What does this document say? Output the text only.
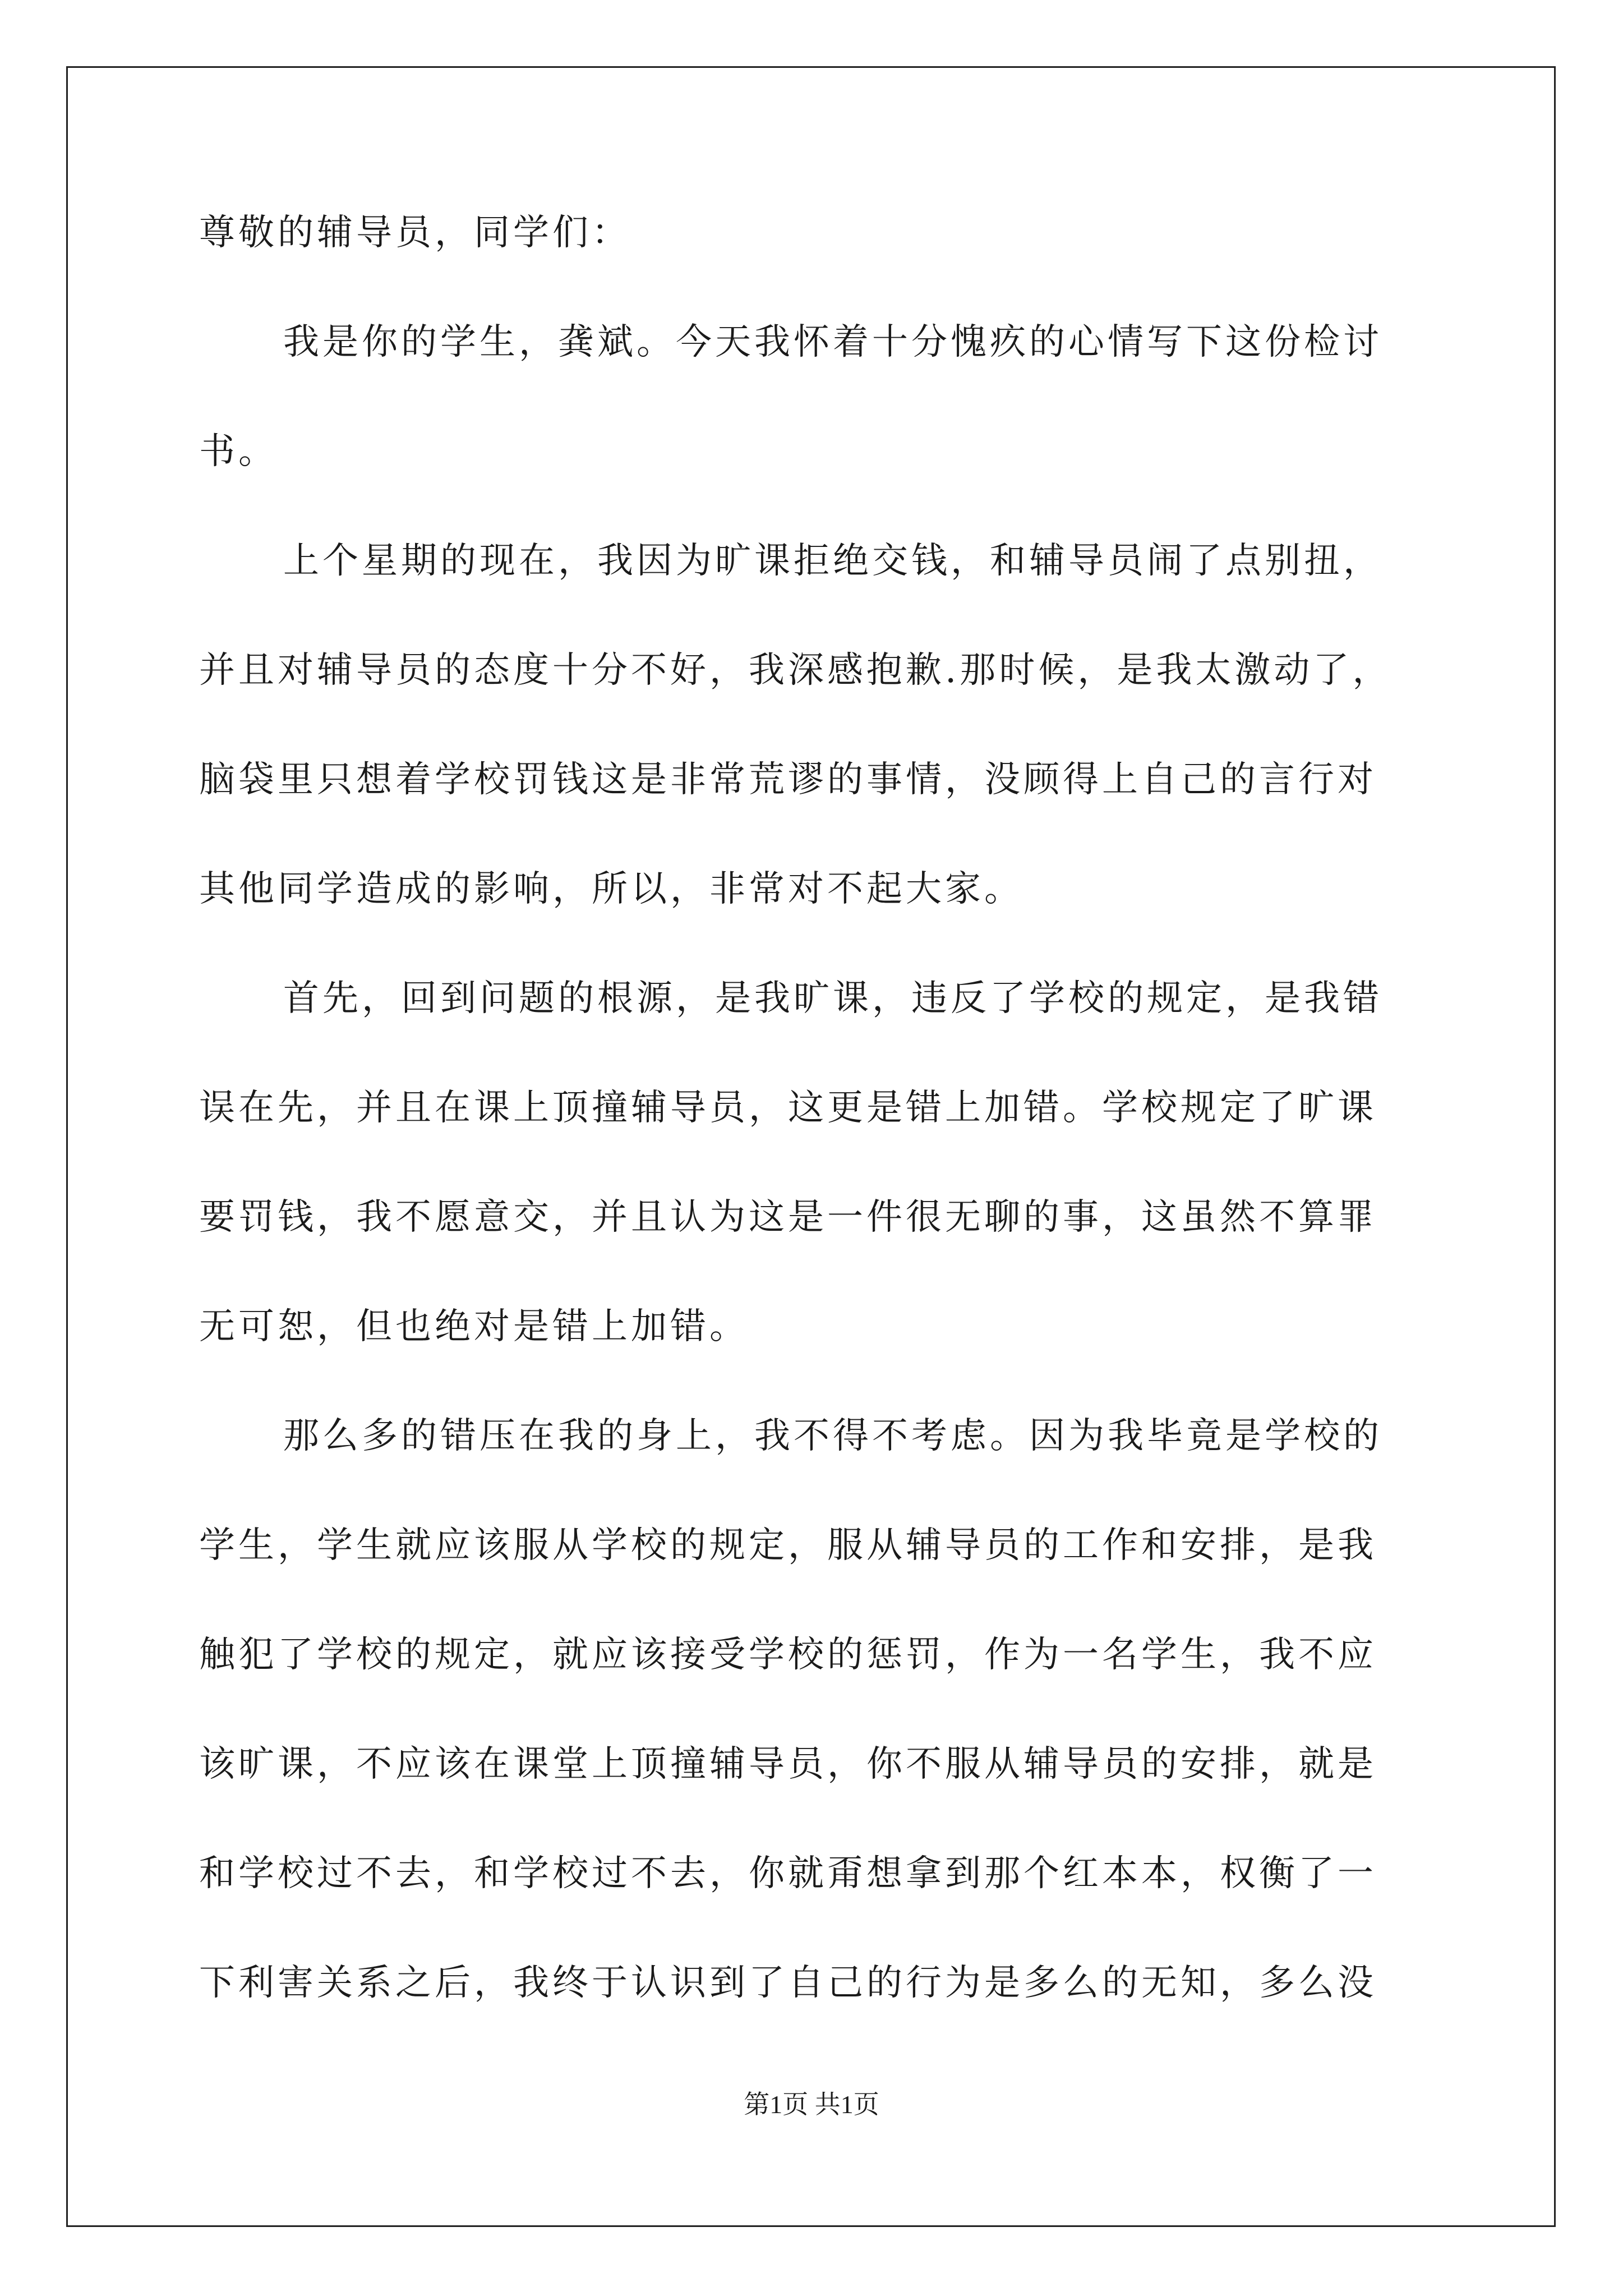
尊敬的辅导员，同学们：
我是你的学生，龚斌。今天我怀着十分愧疚的心情写下这份检讨
书。
上个星期的现在，我因为旷课拒绝交钱，和辅导员闹了点别扭，
并且对辅导员的态度十分不好，我深感抱歉.那时候，是我太激动了，
脑袋里只想着学校罚钱这是非常荒谬的事情，没顾得上自己的言行对
其他同学造成的影响，所以，非常对不起大家。
首先，回到问题的根源，是我旷课，违反了学校的规定，是我错
误在先，并且在课上顶撞辅导员，这更是错上加错。学校规定了旷课
要罚钱，我不愿意交，并且认为这是一件很无聊的事，这虽然不算罪
无可恕，但也绝对是错上加错。
那么多的错压在我的身上，我不得不考虑。因为我毕竟是学校的
学生，学生就应该服从学校的规定，服从辅导员的工作和安排，是我
触犯了学校的规定，就应该接受学校的惩罚，作为一名学生，我不应
该旷课，不应该在课堂上顶撞辅导员，你不服从辅导员的安排，就是
和学校过不去，和学校过不去，你就甭想拿到那个红本本，权衡了一
下利害关系之后，我终于认识到了自己的行为是多么的无知，多么没
第1页 共1页
